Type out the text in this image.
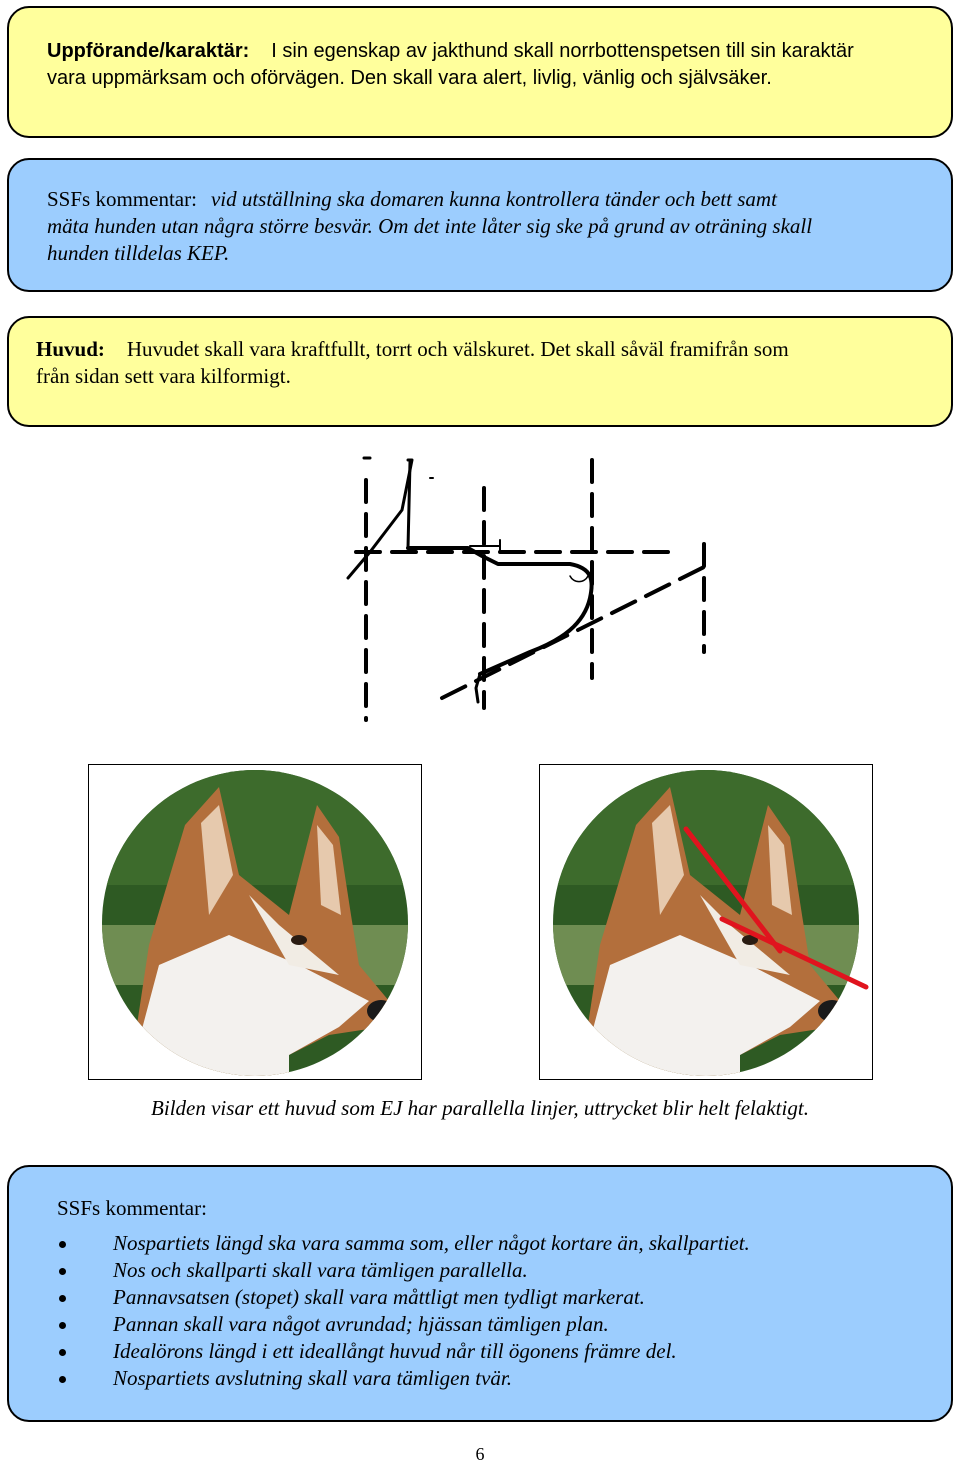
Uppförande/karaktär: I sin egenskap av jakthund skall norrbottenspetsen till sin karaktär
vara uppmärksam och oförvägen. Den skall vara alert, livlig, vänlig och självsäker.
SSFs kommentar: vid utställning ska domaren kunna kontrollera tänder och bett samt
mäta hunden utan några större besvär. Om det inte låter sig ske på grund av oträning skall
hunden tilldelas KEP.
Huvud: Huvudet skall vara kraftfullt, torrt och välskuret. Det skall såväl framifrån som
från sidan sett vara kilformigt.
Bilden visar ett huvud som EJ har parallella linjer, uttrycket blir helt felaktigt.
SSFs kommentar:
Nospartiets längd ska vara samma som, eller något kortare än, skallpartiet.
Nos och skallparti skall vara tämligen parallella.
Pannavsatsen (stopet) skall vara måttligt men tydligt markerat.
Pannan skall vara något avrundad; hjässan tämligen plan.
Idealörons längd i ett ideallångt huvud når till ögonens främre del.
Nospartiets avslutning skall vara tämligen tvär.
6
